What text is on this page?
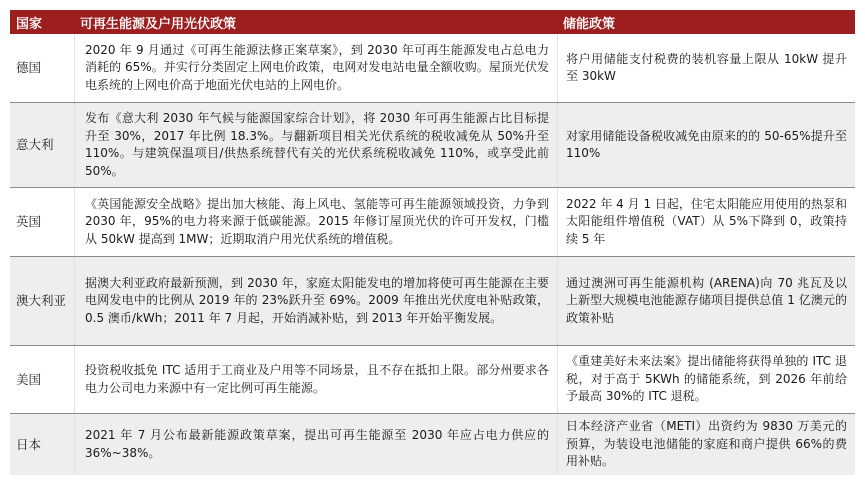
国家	可再生能源及户用光伏政策	储能政策
德国
2020 年 9 月通过《可再生能源法修正案草案》，到 2030 年可再生能源发电占总电力消耗的 65%。并实行分类固定上网电价政策，电网对发电站电量全额收购。屋顶光伏发电系统的上网电价高于地面光伏电站的上网电价。
将户用储能支付税费的装机容量上限从 10kW 提升至 30kW
意大利
发布《意大利 2030 年气候与能源国家综合计划》，将 2030 年可再生能源占比目标提升至 30%，2017 年比例 18.3%。与翻新项目相关光伏系统的税收减免从 50%升至 110%。与建筑保温项目/供热系统替代有关的光伏系统税收减免 110%，或享受此前 50%。
对家用储能设备税收减免由原来的的 50-65%提升至 110%
英国
《英国能源安全战略》提出加大核能、海上风电、氢能等可再生能源领域投资，力争到 2030 年，95%的电力将来源于低碳能源。2015 年修订屋顶光伏的许可开发权，门槛从 50kW 提高到 1MW；近期取消户用光伏系统的增值税。
2022 年 4 月 1 日起，住宅太阳能应用使用的热泵和太阳能组件增值税（VAT）从 5%下降到 0，政策持续 5 年
澳大利亚
据澳大利亚政府最新预测，到 2030 年，家庭太阳能发电的增加将使可再生能源在主要电网发电中的比例从 2019 年的 23%跃升至 69%。2009 年推出光伏度电补贴政策，0.5 澳币/kWh；2011 年 7 月起，开始消减补贴，到 2013 年开始平衡发展。
通过澳洲可再生能源机构 (ARENA)向 70 兆瓦及以上新型大规模电池能源存储项目提供总值 1 亿澳元的政策补贴
美国
投资税收抵免 ITC 适用于工商业及户用等不同场景，且不存在抵扣上限。部分州要求各电力公司电力来源中有一定比例可再生能源。
《重建美好未来法案》提出储能将获得单独的 ITC 退税，对于高于 5KWh 的储能系统，到 2026 年前给予最高 30%的 ITC 退税。
日本
2021 年 7 月公布最新能源政策草案，提出可再生能源至 2030 年应占电力供应的 36%~38%。
日本经济产业省（METI）出资约为 9830 万美元的预算，为装设电池储能的家庭和商户提供 66%的费用补贴。
